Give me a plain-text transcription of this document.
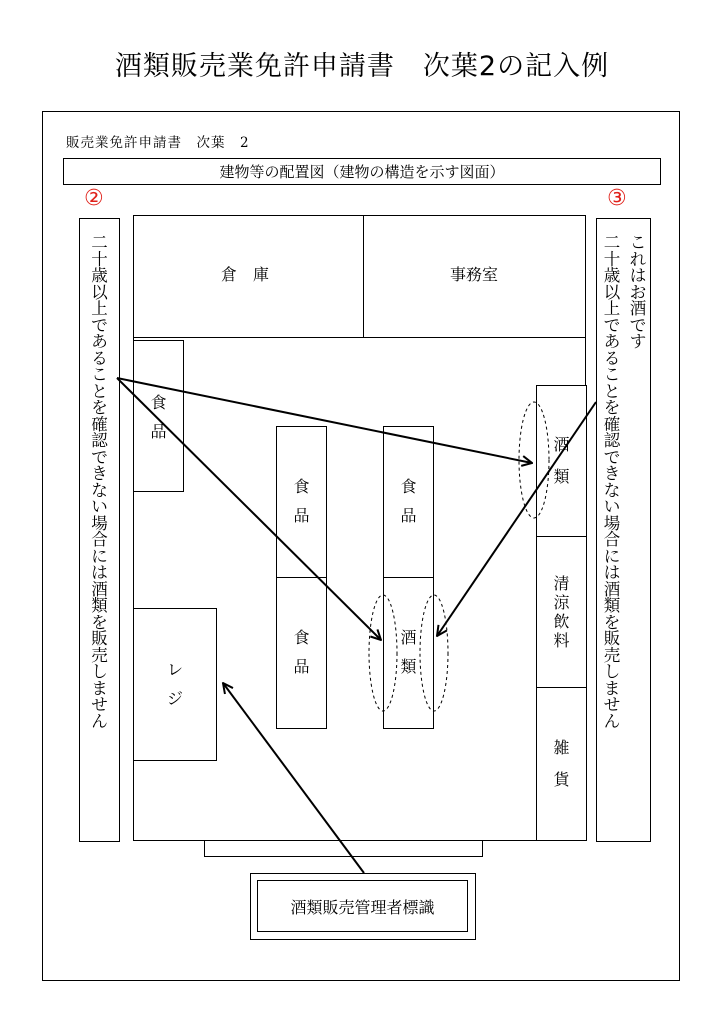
酒類販売業免許申請書　次葉2の記入例
販売業免許申請書　次葉　2
建物等の配置図（建物の構造を示す図面）
②	③
倉　庫	事務室
二
十
歳
以
上
で
あ
る
こ
と
を
確
認
で
き
な
い
場
合
に
は
酒
類
を
販
売
し
ま
せ
ん
こ
れ
は
お
酒
で
す
二
十
歳
以
上
で
あ
る
こ
と
を
確
認
で
き
な
い
場
合
に
は
酒
類
を
販
売
し
ま
せ
ん
食
品
食
品
食
品
食
品
酒
類
酒
類
清
涼
飲
料
雑
貨
レ
ジ
酒類販売管理者標識
